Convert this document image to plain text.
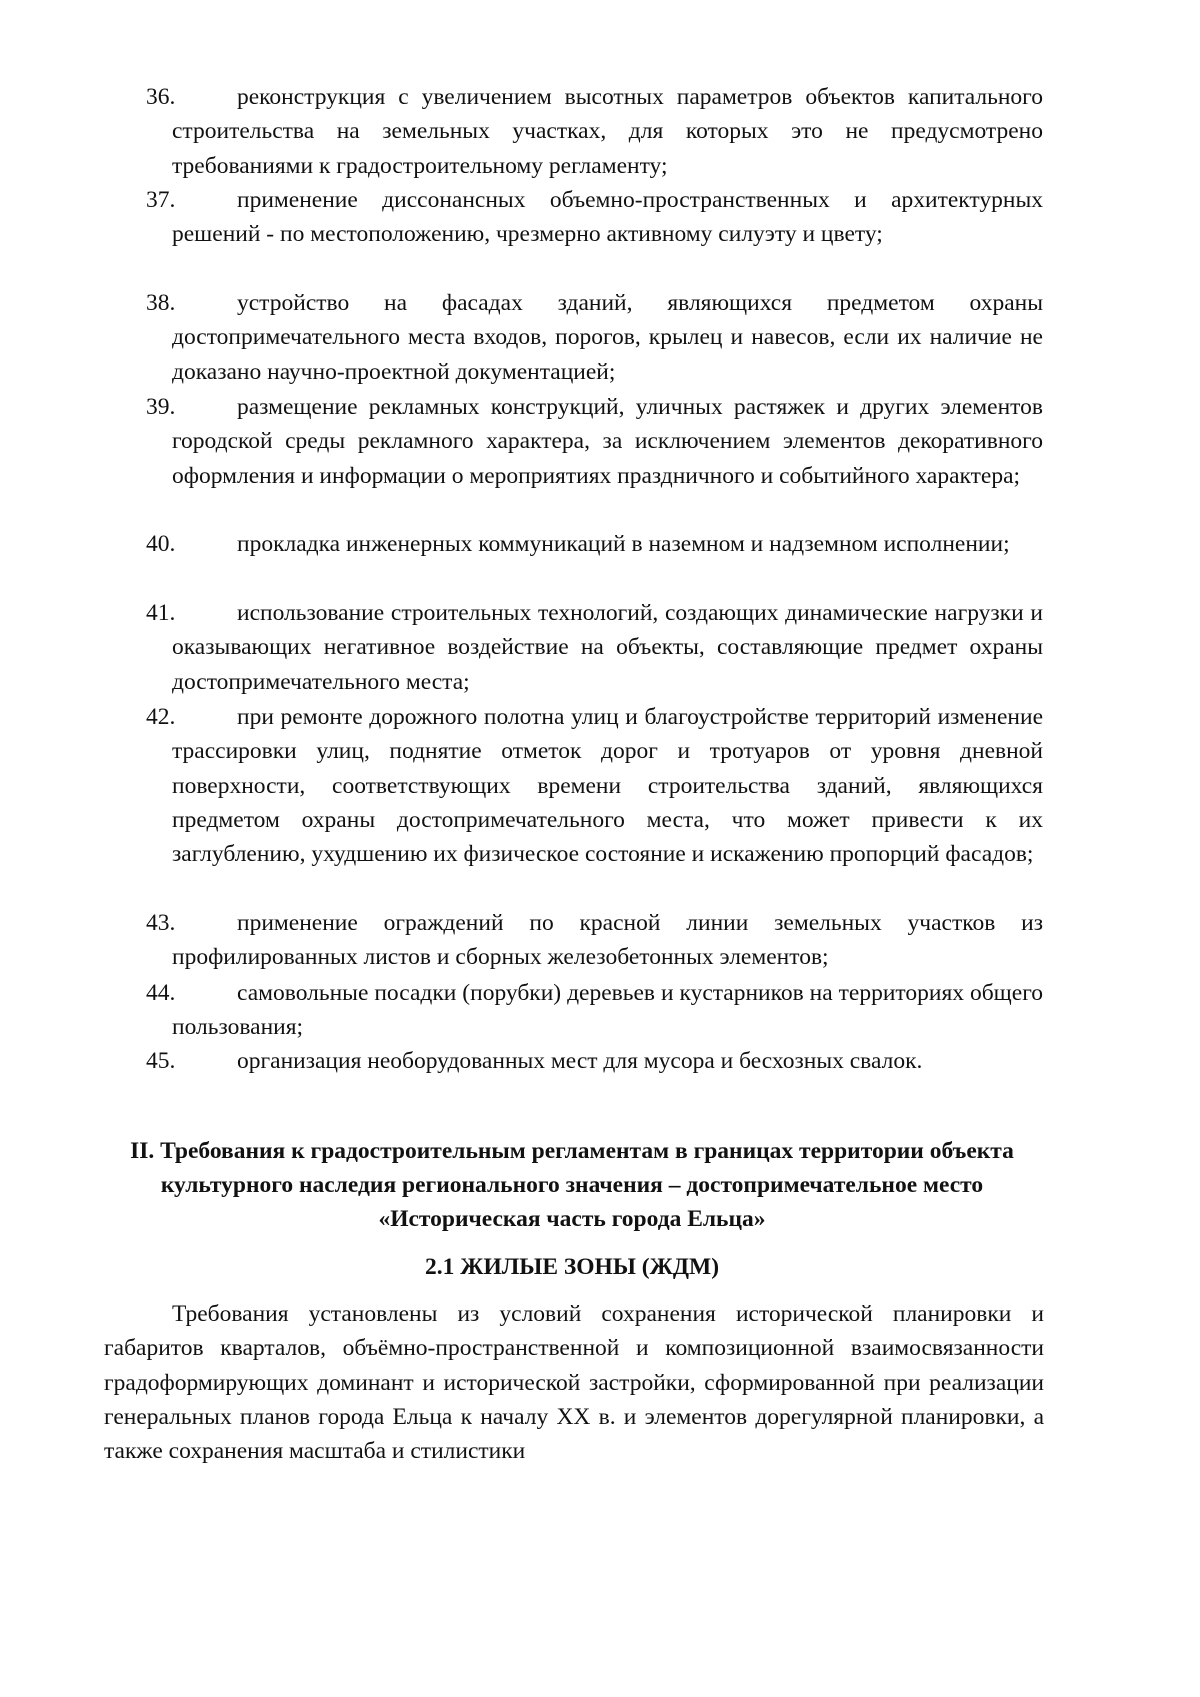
36.	реконструкция с увеличением высотных параметров объектов капитального строительства на земельных участках, для которых это не предусмотрено требованиями к градостроительному регламенту;
37.	применение диссонансных объемно-пространственных и архитектурных решений - по местоположению, чрезмерно активному силуэту и цвету;
38.	устройство на фасадах зданий, являющихся предметом охраны достопримечательного места входов, порогов, крылец и навесов, если их наличие не доказано научно-проектной документацией;
39.	размещение рекламных конструкций, уличных растяжек и других элементов городской среды рекламного характера, за исключением элементов декоративного оформления и информации о мероприятиях праздничного и событийного характера;
40.	прокладка инженерных коммуникаций в наземном и надземном исполнении;
41.	использование строительных технологий, создающих динамические нагрузки и оказывающих негативное воздействие на объекты, составляющие предмет охраны достопримечательного места;
42.	при ремонте дорожного полотна улиц и благоустройстве территорий изменение трассировки улиц, поднятие отметок дорог и тротуаров от уровня дневной поверхности, соответствующих времени строительства зданий, являющихся предметом охраны достопримечательного места, что может привести к их заглублению, ухудшению их физическое состояние и искажению пропорций фасадов;
43.	применение ограждений по красной линии земельных участков из профилированных листов и сборных железобетонных элементов;
44.	самовольные посадки (порубки) деревьев и кустарников на территориях общего пользования;
45.	организация необорудованных мест для мусора и бесхозных свалок.
II. Требования к градостроительным регламентам в границах территории объекта культурного наследия регионального значения – достопримечательное место «Историческая часть города Ельца»
2.1 ЖИЛЫЕ ЗОНЫ (ЖДМ)

Требования установлены из условий сохранения исторической планировки и габаритов кварталов, объёмно-пространственной и композиционной взаимосвязанности градоформирующих доминант и исторической застройки, сформированной при реализации генеральных планов города Ельца к началу XX в. и элементов дорегулярной планировки, а также сохранения масштаба и стилистики
